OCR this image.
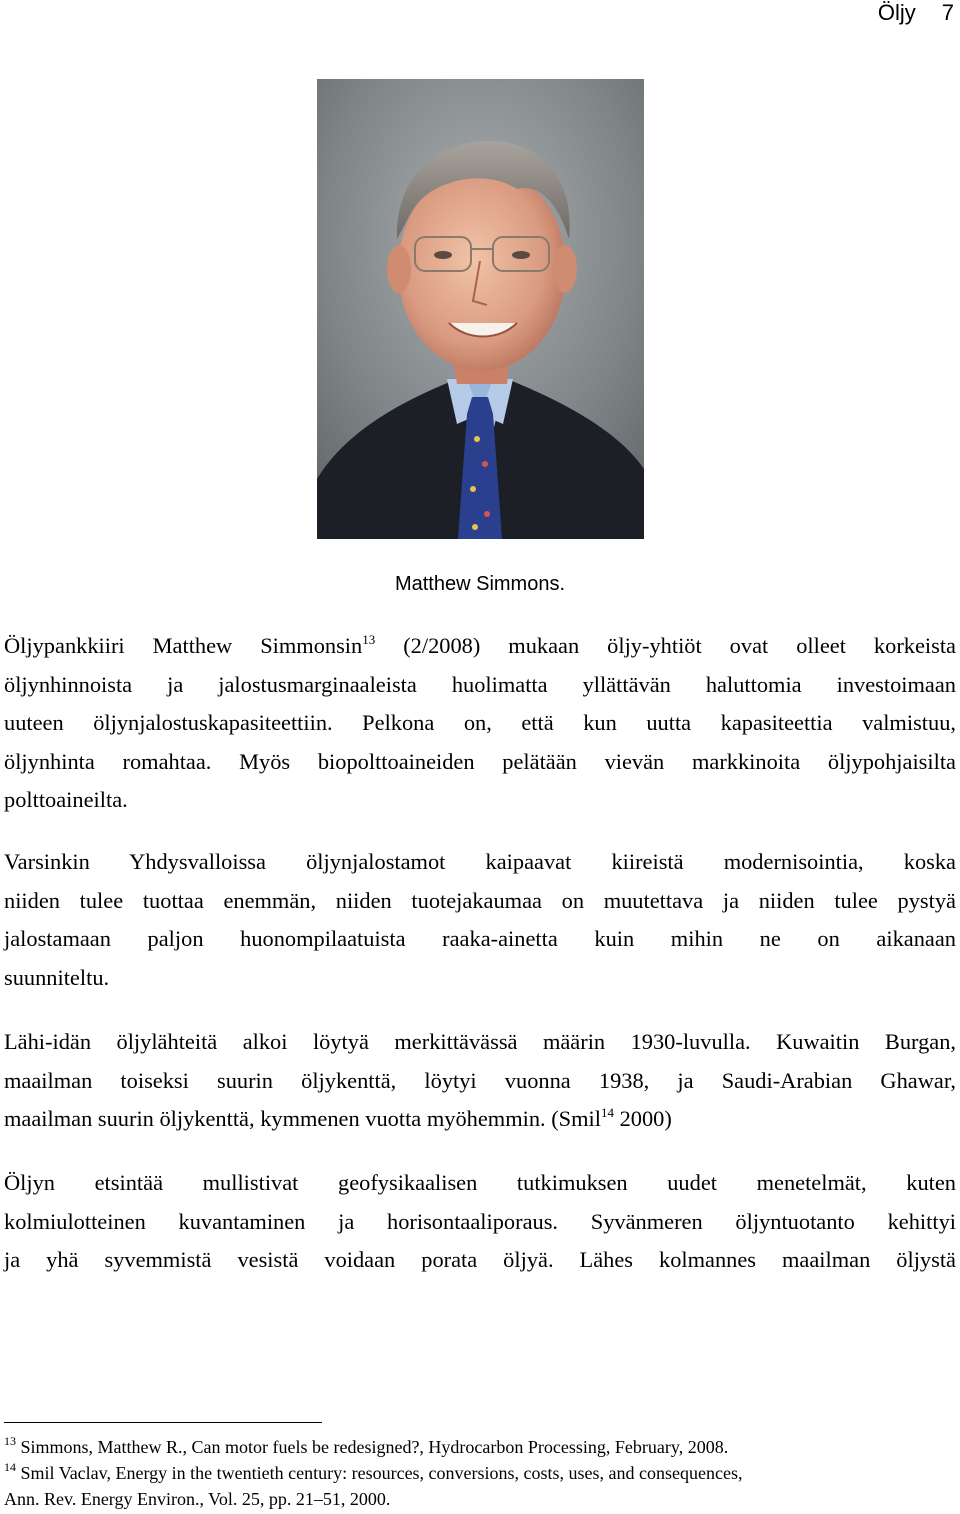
Öljy 7
Matthew Simmons.
Öljypankkiiri Matthew Simmonsin$^{13}$ (2/2008) mukaan öljy-yhtiöt ovat olleet korkeista
öljynhinnoista ja jalostusmarginaaleista huolimatta yllättävän haluttomia investoimaan
uuteen öljynjalostuskapasiteettiin. Pelkona on, että kun uutta kapasiteettia valmistuu,
öljynhinta romahtaa. Myös biopolttoaineiden pelätään vievän markkinoita öljypohjaisilta
polttoaineilta.
Varsinkin Yhdysvalloissa öljynjalostamot kaipaavat kiireistä modernisointia, koska
niiden tulee tuottaa enemmän, niiden tuotejakaumaa on muutettava ja niiden tulee pystyä
jalostamaan paljon huonompilaatuista raaka-ainetta kuin mihin ne on aikanaan
suunniteltu.
Lähi-idän öljylähteitä alkoi löytyä merkittävässä määrin 1930-luvulla. Kuwaitin Burgan,
maailman toiseksi suurin öljykenttä, löytyi vuonna 1938, ja Saudi-Arabian Ghawar,
maailman suurin öljykenttä, kymmenen vuotta myöhemmin. (Smil$^{14}$ 2000)
Öljyn etsintää mullistivat geofysikaalisen tutkimuksen uudet menetelmät, kuten
kolmiulotteinen kuvantaminen ja horisontaaliporaus. Syvänmeren öljyntuotanto kehittyi
ja yhä syvemmistä vesistä voidaan porata öljyä. Lähes kolmannes maailman öljystä
$^{13}$ Simmons, Matthew R., Can motor fuels be redesigned?, Hydrocarbon Processing, February, 2008.
$^{14}$ Smil Vaclav, Energy in the twentieth century: resources, conversions, costs, uses, and consequences,
Ann. Rev. Energy Environ., Vol. 25, pp. 21–51, 2000.
